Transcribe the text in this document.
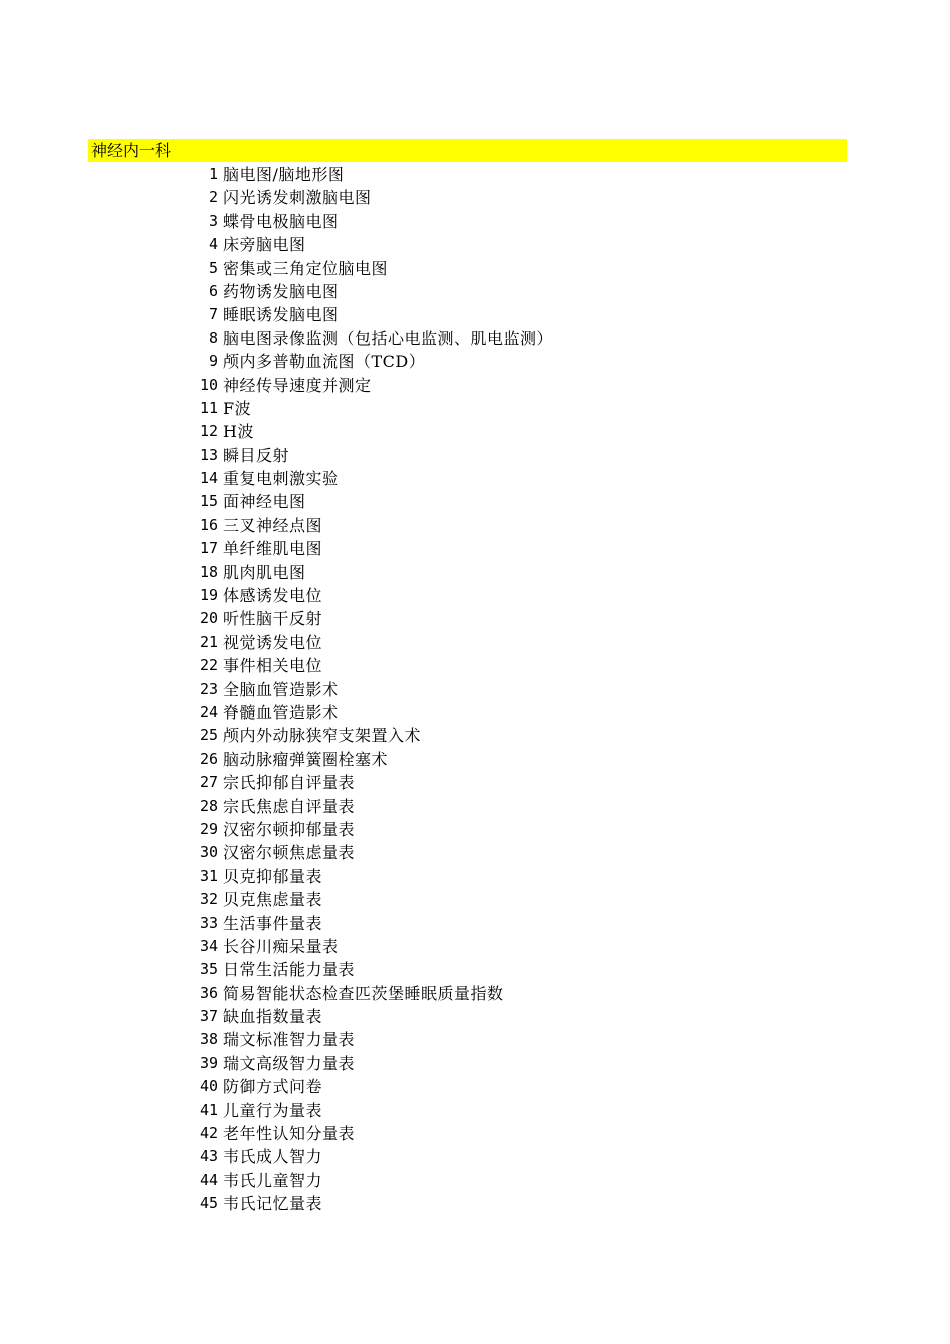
神经内一科
1 脑电图/脑地形图
2 闪光诱发刺激脑电图
3 蝶骨电极脑电图
4 床旁脑电图
5 密集或三角定位脑电图
6 药物诱发脑电图
7 睡眠诱发脑电图
8 脑电图录像监测（包括心电监测、肌电监测）
9 颅内多普勒血流图（TCD）
10 神经传导速度并测定
11 F波
12 H波
13 瞬目反射
14 重复电刺激实验
15 面神经电图
16 三叉神经点图
17 单纤维肌电图
18 肌肉肌电图
19 体感诱发电位
20 听性脑干反射
21 视觉诱发电位
22 事件相关电位
23 全脑血管造影术
24 脊髓血管造影术
25 颅内外动脉狭窄支架置入术
26 脑动脉瘤弹簧圈栓塞术
27 宗氏抑郁自评量表
28 宗氏焦虑自评量表
29 汉密尔顿抑郁量表
30 汉密尔顿焦虑量表
31 贝克抑郁量表
32 贝克焦虑量表
33 生活事件量表
34 长谷川痴呆量表
35 日常生活能力量表
36 简易智能状态检查匹茨堡睡眠质量指数
37 缺血指数量表
38 瑞文标准智力量表
39 瑞文高级智力量表
40 防御方式问卷
41 儿童行为量表
42 老年性认知分量表
43 韦氏成人智力
44 韦氏儿童智力
45 韦氏记忆量表
